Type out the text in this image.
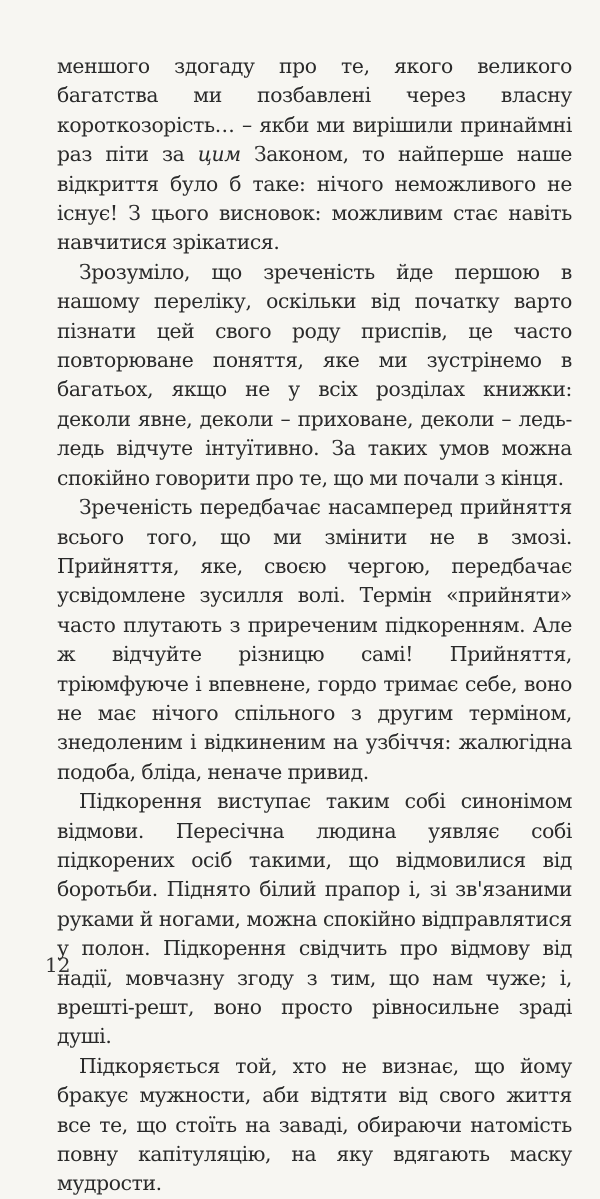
меншого здогаду про те, якого великого багатства ми позбавлені через власну короткозорість… – якби ми вирішили принаймні раз піти за цим Законом, то найперше наше відкриття було б таке: нічого неможливого не існує! З цього висновок: можливим стає навіть навчитися зрікатися.

Зрозуміло, що зреченість йде першою в нашому переліку, оскільки від початку варто пізнати цей свого роду приспів, це часто повторюване поняття, яке ми зустрінемо в багатьох, якщо не у всіх розділах книжки: деколи явне, деколи – приховане, деколи – ледь-ледь відчуте інтуїтивно. За таких умов можна спокійно говорити про те, що ми почали з кінця.

Зреченість передбачає насамперед прийняття всього того, що ми змінити не в змозі. Прийняття, яке, своєю чергою, передбачає усвідомлене зусилля волі. Термін «прийняти» часто плутають з приреченим підкоренням. Але ж відчуйте різницю самі! Прийняття, тріюмфуюче і впевнене, гордо тримає себе, воно не має нічого спільного з другим терміном, знедоленим і відкиненим на узбіччя: жалюгідна подоба, бліда, неначе привид.

Підкорення виступає таким собі синонімом відмови. Пересічна людина уявляє собі підкорених осіб такими, що відмовилися від боротьби. Піднято білий прапор і, зі зв'язаними руками й ногами, можна спокійно відправлятися у полон. Підкорення свідчить про відмову від надії, мовчазну згоду з тим, що нам чуже; і, врешті-решт, воно просто рівносильне зраді душі.

Підкоряється той, хто не визнає, що йому бракує мужности, аби відтяти від свого життя все те, що стоїть на заваді, обираючи натомість повну капітуляцію, на яку вдягають маску мудрости.

12
